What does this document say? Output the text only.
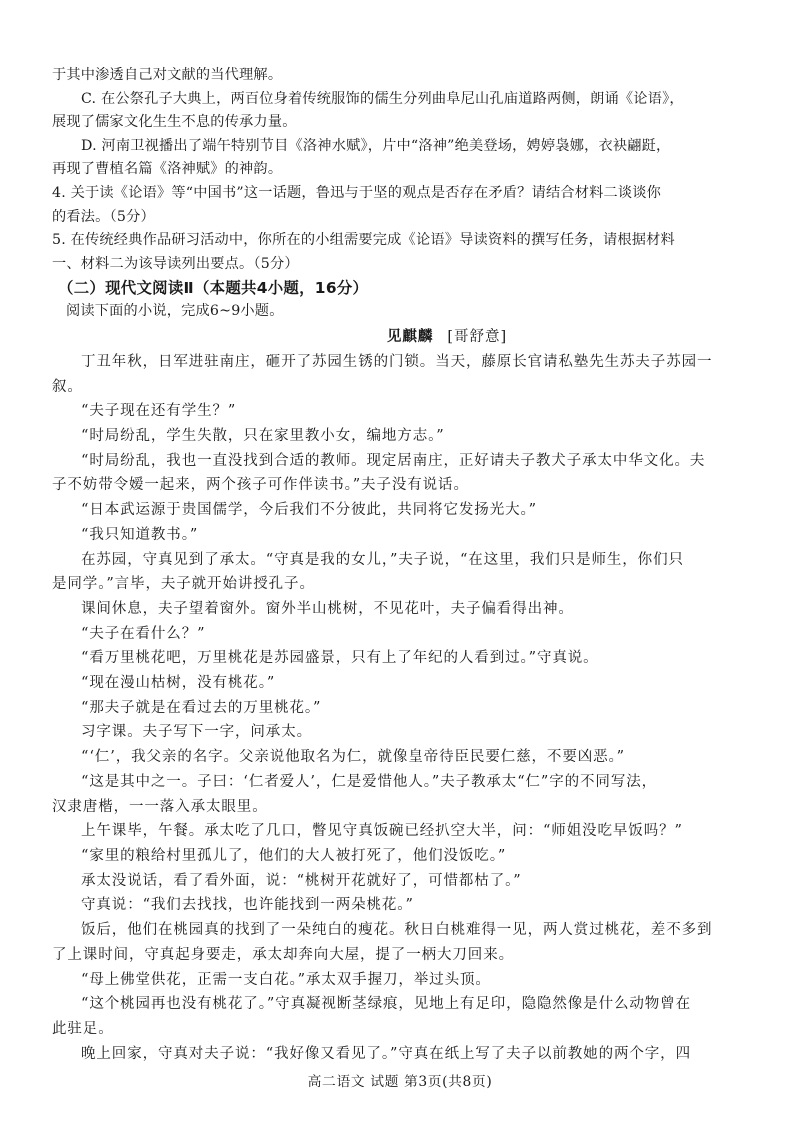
于其中渗透自己对文献的当代理解。

C. 在公祭孔子大典上，两百位身着传统服饰的儒生分列曲阜尼山孔庙道路两侧，朗诵《论语》，

展现了儒家文化生生不息的传承力量。

D. 河南卫视播出了端午特别节目《洛神水赋》，片中“洛神”绝美登场，娉婷袅娜，衣袂翩跹，

再现了曹植名篇《洛神赋》的神韵。

4. 关于读《论语》等“中国书”这一话题，鲁迅与于坚的观点是否存在矛盾？请结合材料二谈谈你

的看法。（5分）

5. 在传统经典作品研习活动中，你所在的小组需要完成《论语》导读资料的撰写任务，请根据材料

一、材料二为该导读列出要点。（5分）

（二）现代文阅读Ⅱ（本题共4小题，16分）

阅读下面的小说，完成6~9小题。

见麒麟 [哥舒意]

丁丑年秋，日军进驻南庄，砸开了苏园生锈的门锁。当天，藤原长官请私塾先生苏夫子苏园一

叙。

“夫子现在还有学生？”

“时局纷乱，学生失散，只在家里教小女，编地方志。”

“时局纷乱，我也一直没找到合适的教师。现定居南庄，正好请夫子教犬子承太中华文化。夫

子不妨带令嫒一起来，两个孩子可作伴读书。”夫子没有说话。

“日本武运源于贵国儒学，今后我们不分彼此，共同将它发扬光大。”

“我只知道教书。”

在苏园，守真见到了承太。“守真是我的女儿，”夫子说，“在这里，我们只是师生，你们只

是同学。”言毕，夫子就开始讲授孔子。

课间休息，夫子望着窗外。窗外半山桃树，不见花叶，夫子偏看得出神。

“夫子在看什么？”

“看万里桃花吧，万里桃花是苏园盛景，只有上了年纪的人看到过。”守真说。

“现在漫山枯树，没有桃花。”

“那夫子就是在看过去的万里桃花。”

习字课。夫子写下一字，问承太。

“‘仁’，我父亲的名字。父亲说他取名为仁，就像皇帝待臣民要仁慈，不要凶恶。”

“这是其中之一。子曰：‘仁者爱人’，仁是爱惜他人。”夫子教承太“仁”字的不同写法，

汉隶唐楷，一一落入承太眼里。

上午课毕，午餐。承太吃了几口，瞥见守真饭碗已经扒空大半，问：“师姐没吃早饭吗？”

“家里的粮给村里孤儿了，他们的大人被打死了，他们没饭吃。”

承太没说话，看了看外面，说：“桃树开花就好了，可惜都枯了。”

守真说：“我们去找找，也许能找到一两朵桃花。”

饭后，他们在桃园真的找到了一朵纯白的瘦花。秋日白桃难得一见，两人赏过桃花，差不多到

了上课时间，守真起身要走，承太却奔向大屋，提了一柄大刀回来。

“母上佛堂供花，正需一支白花。”承太双手握刀，举过头顶。

“这个桃园再也没有桃花了。”守真凝视断茎绿痕，见地上有足印，隐隐然像是什么动物曾在

此驻足。

晚上回家，守真对夫子说：“我好像又看见了。”守真在纸上写了夫子以前教她的两个字，四

高二语文 试题 第3页(共8页)
